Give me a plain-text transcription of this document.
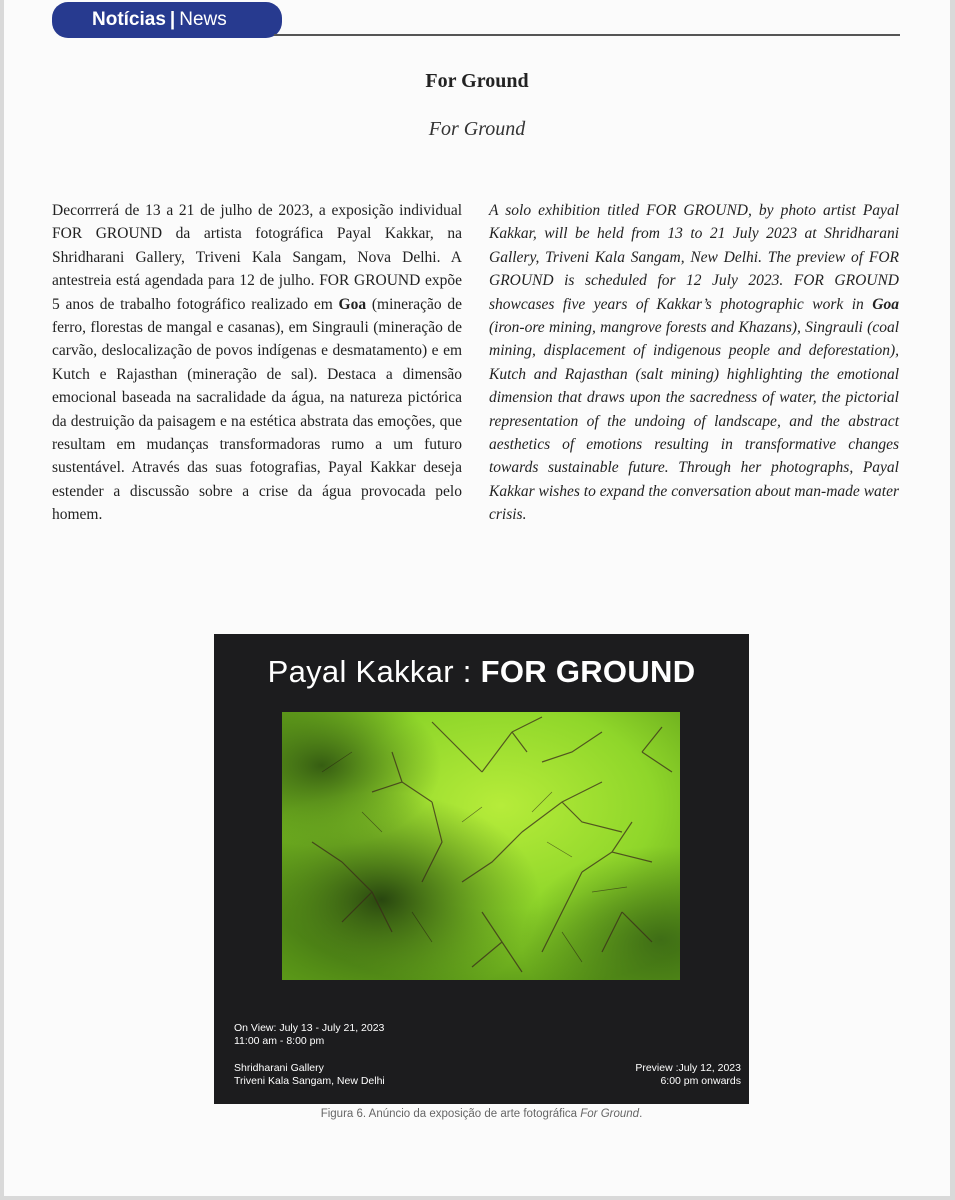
Notícias | News
For Ground
For Ground
Decorrrerá de 13 a 21 de julho de 2023, a exposição individual FOR GROUND da artista fotográfica Payal Kakkar, na Shridharani Gallery, Triveni Kala Sangam, Nova Delhi. A antestreia está agendada para 12 de julho. FOR GROUND expõe 5 anos de trabalho fotográfico realizado em Goa (mineração de ferro, florestas de mangal e casanas), em Singrauli (mineração de carvão, deslocalização de povos indígenas e desmatamento) e em Kutch e Rajasthan (mineração de sal). Destaca a dimensão emocional baseada na sacralidade da água, na natureza pictórica da destruição da paisagem e na estética abstrata das emoções, que resultam em mudanças transformadoras rumo a um futuro sustentável. Através das suas fotografias, Payal Kakkar deseja estender a discussão sobre a crise da água provocada pelo homem.
A solo exhibition titled FOR GROUND, by photo artist Payal Kakkar, will be held from 13 to 21 July 2023 at Shridharani Gallery, Triveni Kala Sangam, New Delhi. The preview of FOR GROUND is scheduled for 12 July 2023. FOR GROUND showcases five years of Kakkar’s photographic work in Goa (iron-ore mining, mangrove forests and Khazans), Singrauli (coal mining, displacement of indigenous people and deforestation), Kutch and Rajasthan (salt mining) highlighting the emotional dimension that draws upon the sacredness of water, the pictorial representation of the undoing of landscape, and the abstract aesthetics of emotions resulting in transformative changes towards sustainable future. Through her photographs, Payal Kakkar wishes to expand the conversation about man-made water crisis.
Payal Kakkar : FOR GROUND
On View: July 13 - July 21, 2023
11:00 am - 8:00 pm
Shridharani Gallery
Triveni Kala Sangam, New Delhi
Preview :July 12, 2023
6:00 pm onwards
Figura 6. Anúncio da exposição de arte fotográfica For Ground.
